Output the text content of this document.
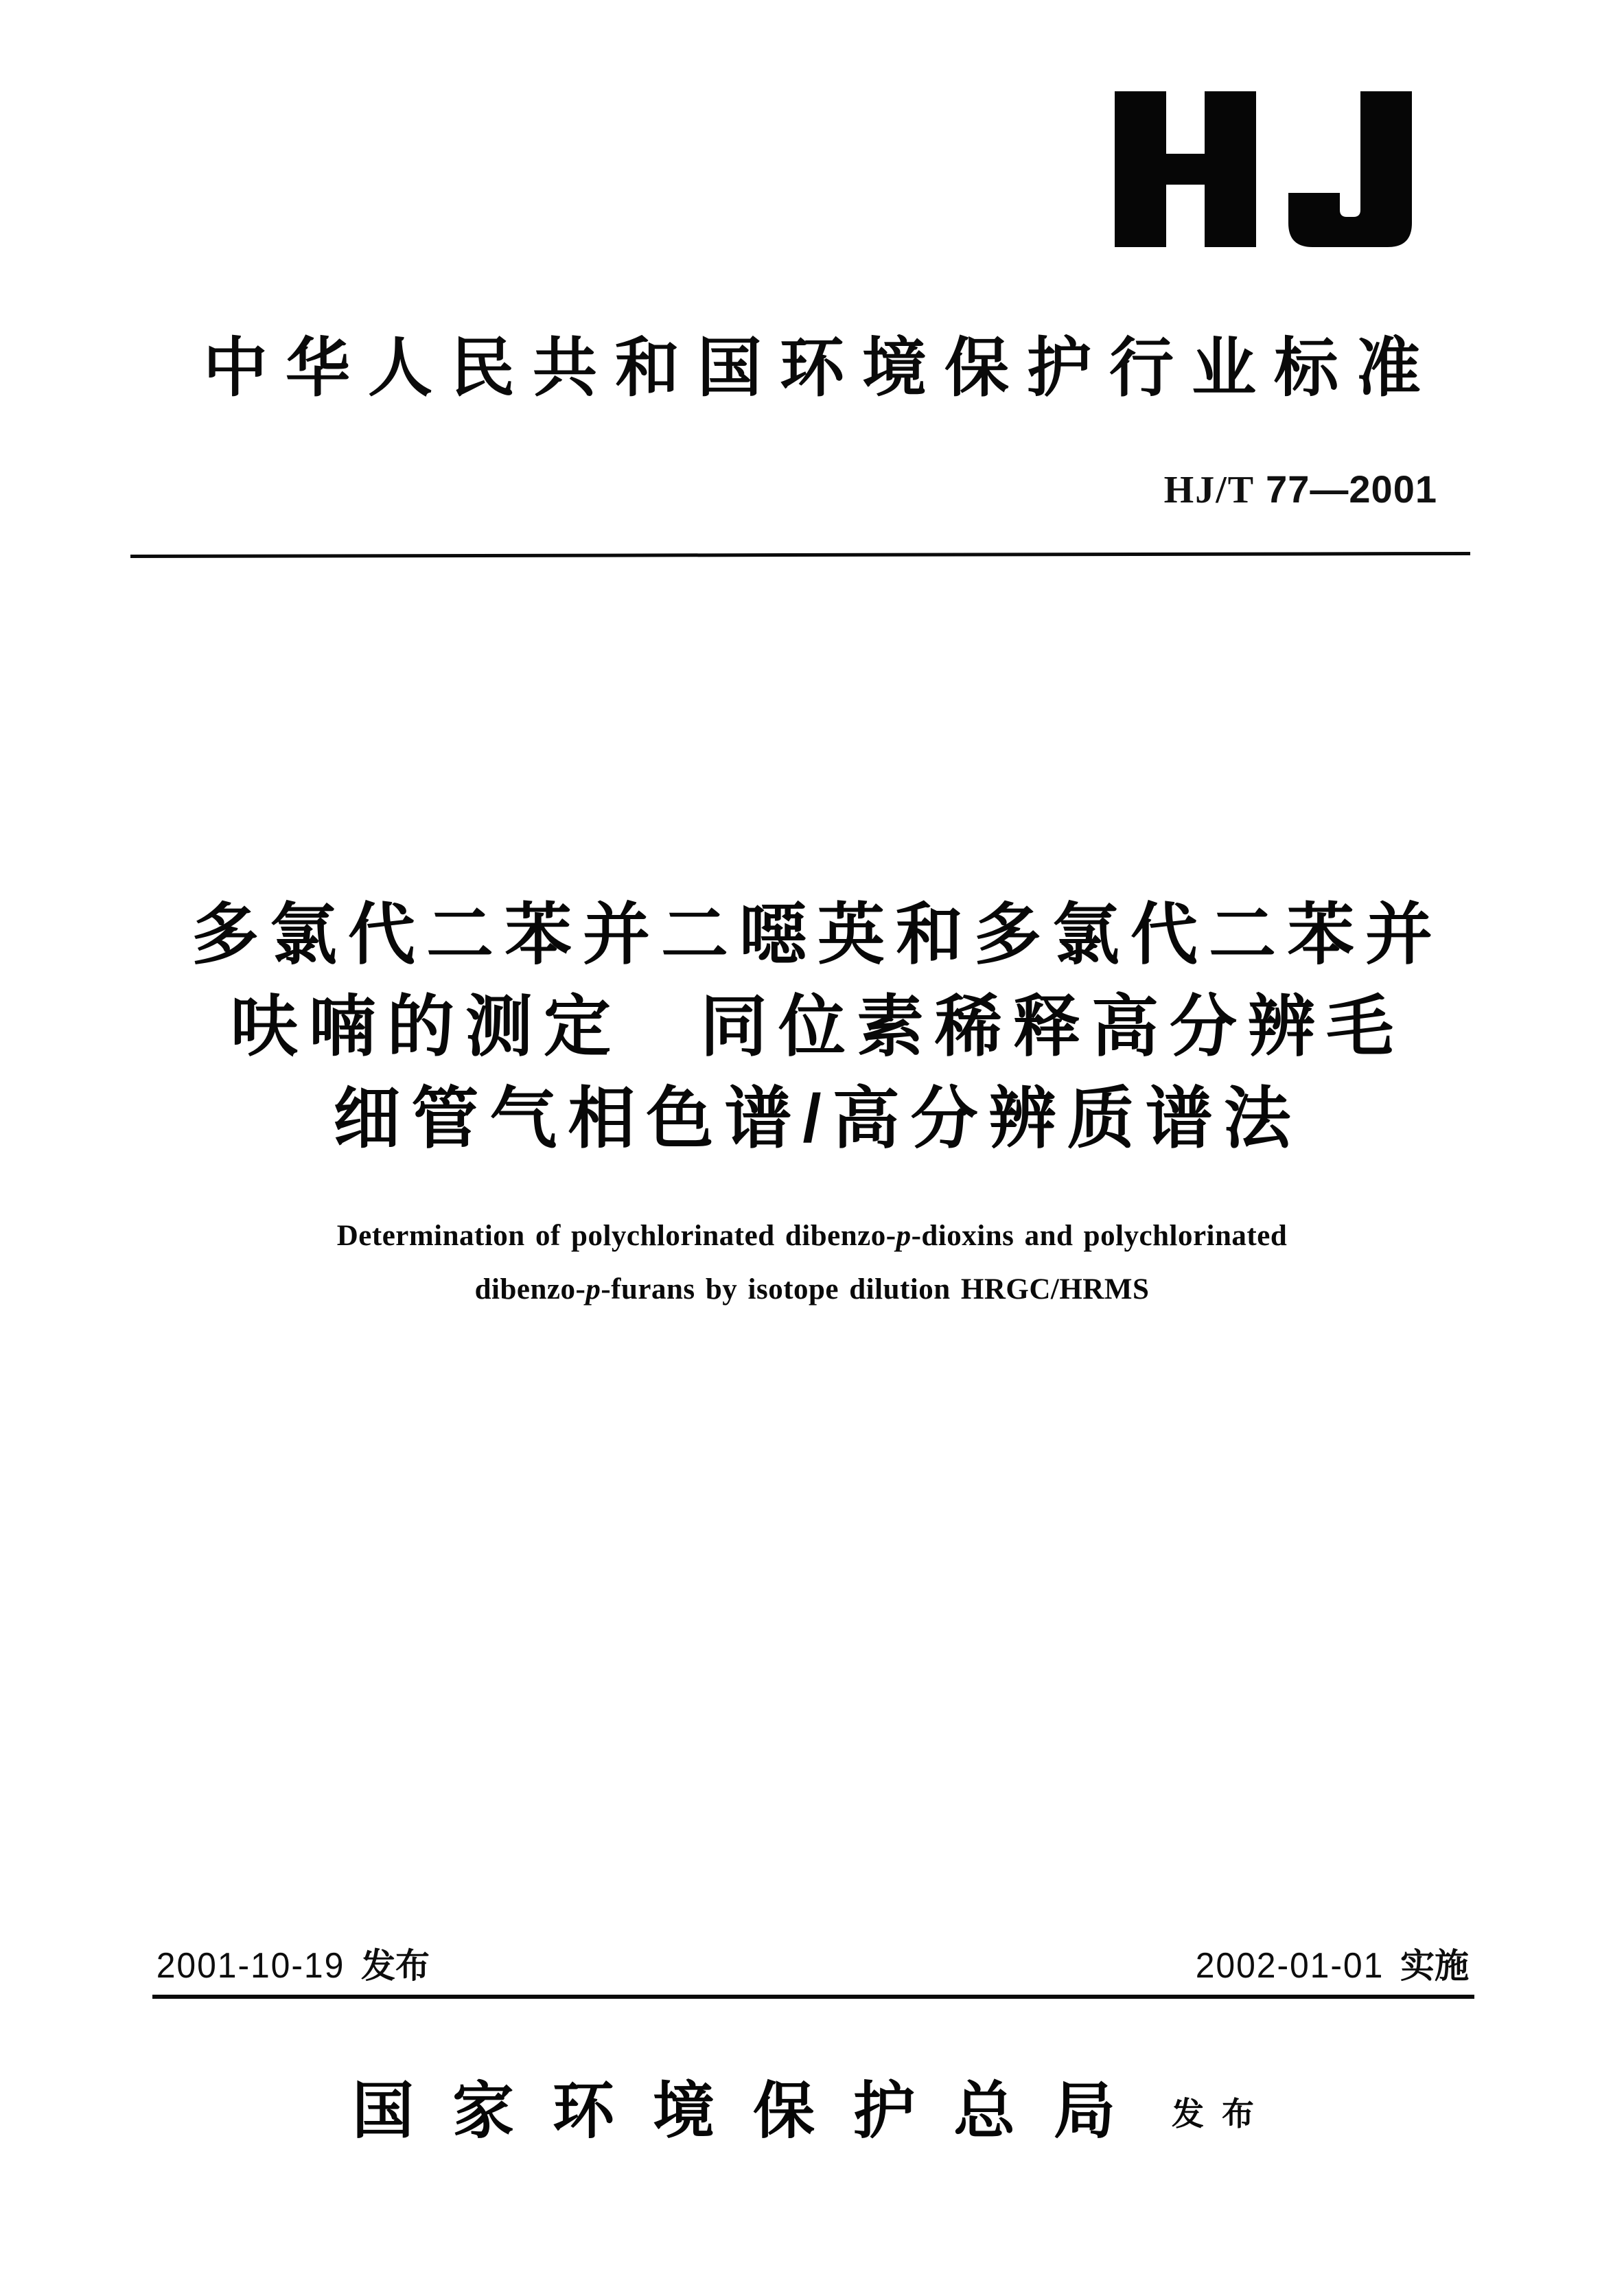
中华人民共和国环境保护行业标准
HJ/T 77—2001
多氯代二苯并二噁英和多氯代二苯并
呋喃的测定　同位素稀释高分辨毛
细管气相色谱/高分辨质谱法
Determination of polychlorinated dibenzo-p-dioxins and polychlorinated
dibenzo-p-furans by isotope dilution HRGC/HRMS
2001-10-19 发布	2002-01-01 实施
国家环境保护总局 发布
